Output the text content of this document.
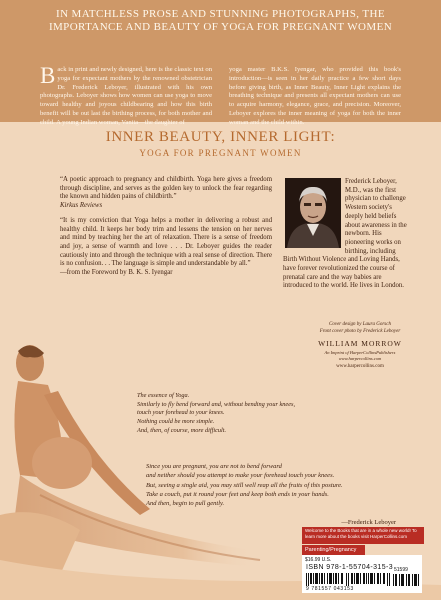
IN MATCHLESS PROSE AND STUNNING PHOTOGRAPHS, THE IMPORTANCE AND BEAUTY OF YOGA FOR PREGNANT WOMEN
Back in print and newly designed, here is the classic text on yoga for expectant mothers by the renowned obstetrician Dr. Frederick Leboyer, illustrated with his own photographs. Leboyer shows how women can use yoga to move toward healthy and joyous childbearing and how this birth benefit will be out last the birthing process, for both mother and child. A young Indian woman, Vanita—the daughter of
yoga master B.K.S. Iyengar, who provided this book's introduction—is seen in her daily practice a few short days before giving birth, as Inner Beauty, Inner Light explains the breathing technique and presents all expectant mothers can use to acquire harmony, elegance, grace, and precision. Moreover, Leboyer explores the inner meaning of yoga for both the inner woman and the child within.
INNER BEAUTY, INNER LIGHT:
YOGA FOR PREGNANT WOMEN

“A poetic approach to pregnancy and childbirth. Yoga here gives a freedom through discipline, and serves as the golden key to unlock the fear regarding the known and hidden pains of childbirth.”

Kirkus Reviews

“It is my conviction that Yoga helps a mother in delivering a robust and healthy child. It keeps her body trim and lessens the tension on her nerves and mind by teaching her the art of relaxation. There is a sense of freedom and joy, a sense of warmth and love . . . Dr. Leboyer guides the reader cautiously into and through the technique with a real sense of direction. There is no confusion. . . The language is simple and understandable by all.”

—from the Foreword by B. K. S. Iyengar

Frederick Leboyer, M.D., was the first physician to challenge Western society's deeply held beliefs about awareness in the newborn. His pioneering works on birthing, including Birth Without Violence and Loving Hands, have forever revolutionized the course of prenatal care and the way babies are introduced to the world. He lives in London.
Cover design by Laura Gorsch
Front cover photo by Frederick Leboyer
WILLIAM MORROW
An Imprint of HarperCollinsPublishers
www.harpercollins.com
www.harpercollins.com
The essence of Yoga.
Similarly to fly bend forward and, without bending your knees,
touch your forehead to your knees.
Nothing could be more simple.
And, then, of course, more difficult.
Since you are pregnant, you are not to bend forward
and neither should you attempt to make your forehead touch your knees.
But, seeing a single aid, you may still well reap all the fruits of this posture.
Take a couch, put it round your feet and keep both ends in your hands.
And then, begin to pull gently.
—Frederick Leboyer
Welcome to the Books that are in a whole new world! To learn more about the books visit HarperCollins.com
Parenting/Pregnancy
$16.99 U.S.
ISBN 978-1-55704-315-3 51599
9 781557 043153
